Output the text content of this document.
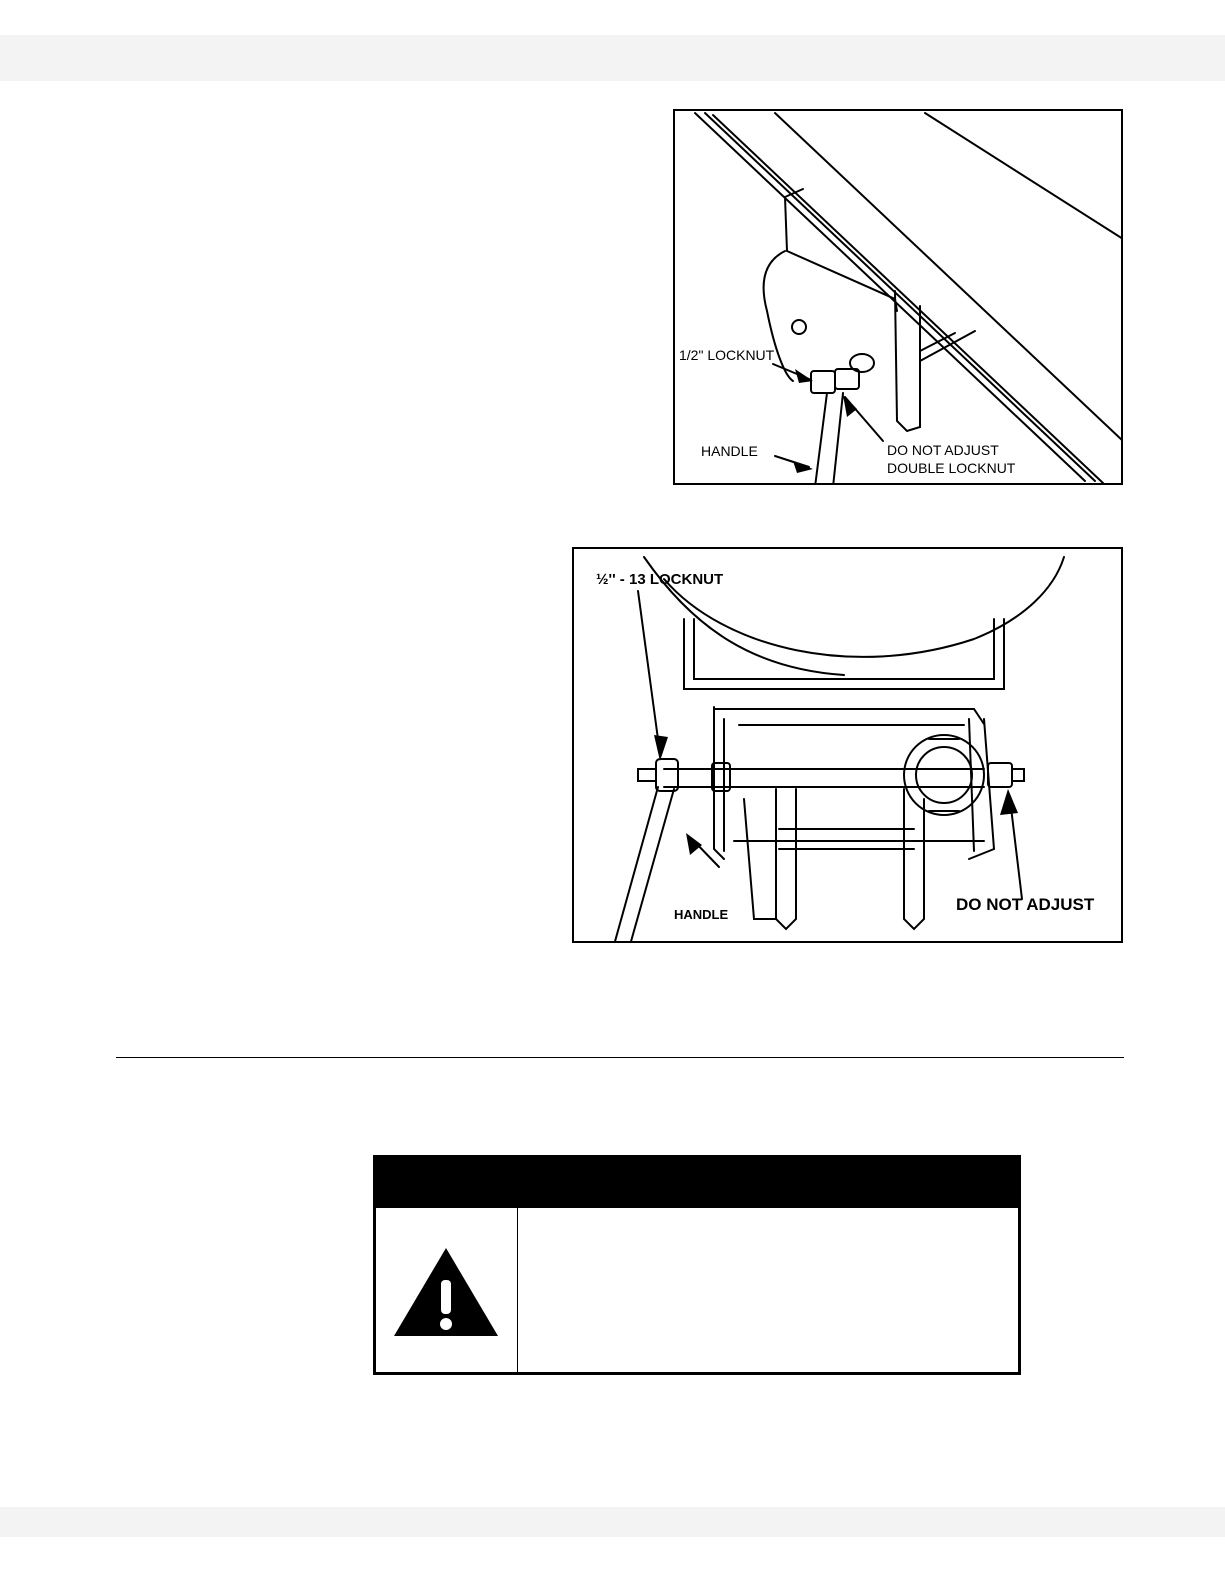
1/2" LOCKNUT
HANDLE	DO NOT ADJUST
DOUBLE LOCKNUT
½'' - 13 LOCKNUT
HANDLE
DO NOT ADJUST
